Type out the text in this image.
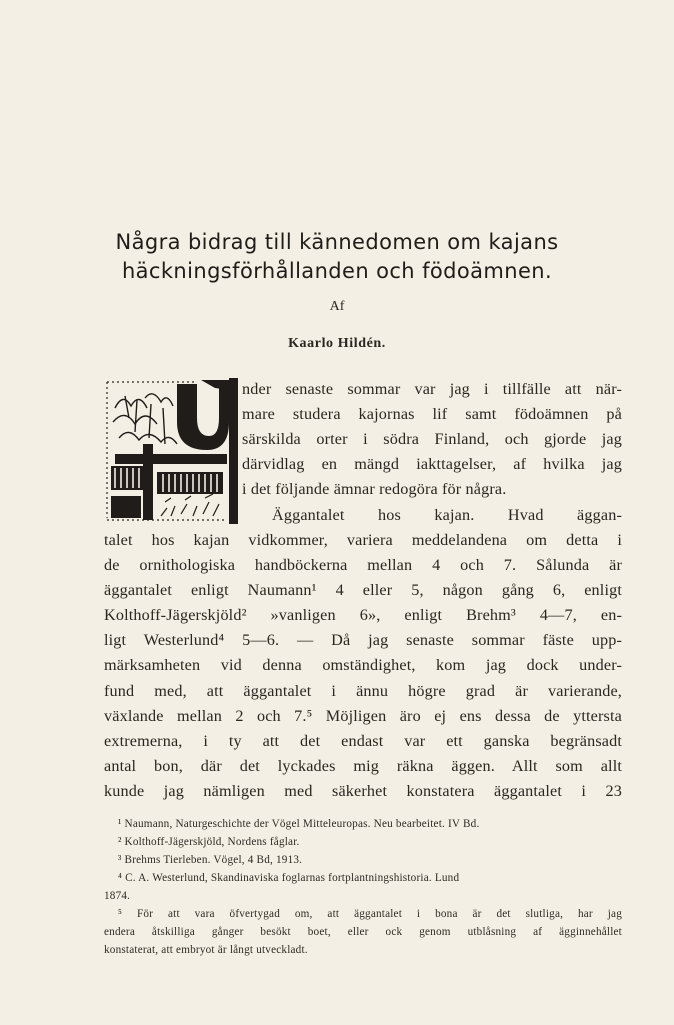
Några bidrag till kännedomen om kajans
häckningsförhållanden och födoämnen.
Af
Kaarlo Hildén.
nder senaste sommar var jag i tillfälle att när-
mare studera kajornas lif samt födoämnen på
särskilda orter i södra Finland, och gjorde jag
därvidlag en mängd iakttagelser, af hvilka jag
i det följande ämnar redogöra för några.
Äggantalet hos kajan. Hvad äggan-
talet hos kajan vidkommer, variera meddelandena om detta i
de ornithologiska handböckerna mellan 4 och 7. Sålunda är
äggantalet enligt Naumann¹ 4 eller 5, någon gång 6, enligt
Kolthoff-Jägerskjöld² »vanligen 6», enligt Brehm³ 4—7, en-
ligt Westerlund⁴ 5—6. — Då jag senaste sommar fäste upp-
märksamheten vid denna omständighet, kom jag dock under-
fund med, att äggantalet i ännu högre grad är varierande,
växlande mellan 2 och 7.⁵ Möjligen äro ej ens dessa de yttersta
extremerna, i ty att det endast var ett ganska begränsadt
antal bon, där det lyckades mig räkna äggen. Allt som allt
kunde jag nämligen med säkerhet konstatera äggantalet i 23
¹ Naumann, Naturgeschichte der Vögel Mitteleuropas. Neu bearbeitet. IV Bd.
² Kolthoff-Jägerskjöld, Nordens fåglar.
³ Brehms Tierleben. Vögel, 4 Bd, 1913.
⁴ C. A. Westerlund, Skandinaviska foglarnas fortplantningshistoria. Lund
1874.
⁵ För att vara öfvertygad om, att äggantalet i bona är det slutliga, har jag
endera åtskilliga gånger besökt boet, eller ock genom utblåsning af ägginnehållet
konstaterat, att embryot är långt utveckladt.
